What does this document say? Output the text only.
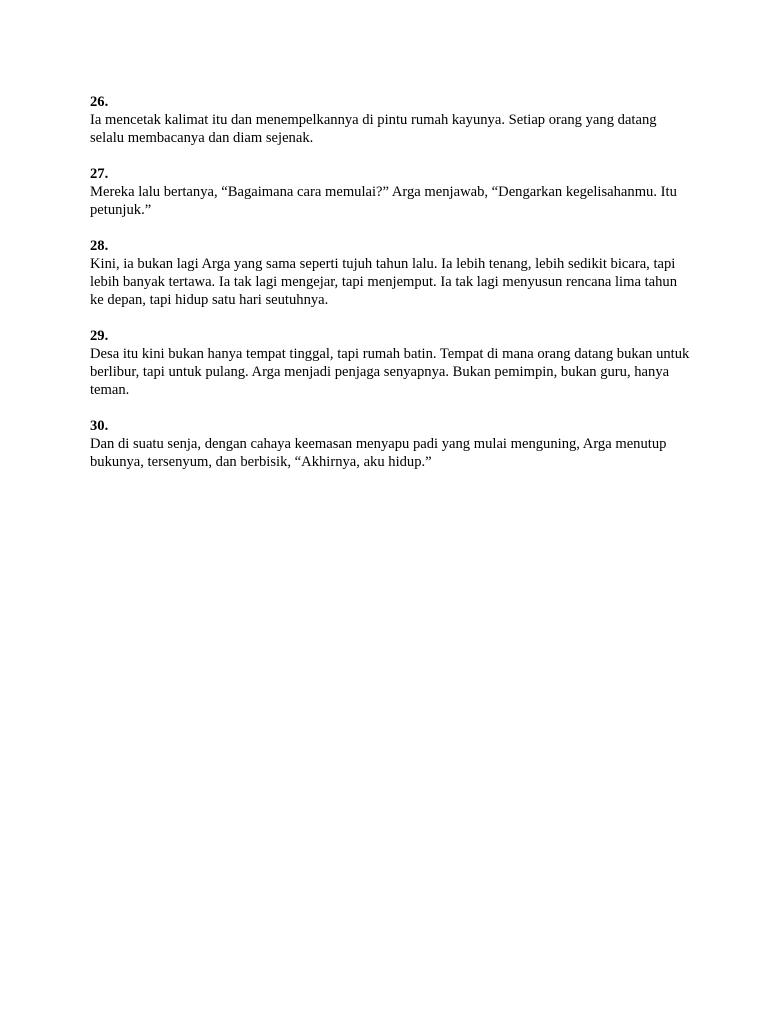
26.

Ia mencetak kalimat itu dan menempelkannya di pintu rumah kayunya. Setiap orang yang datang selalu membacanya dan diam sejenak.

27.

Mereka lalu bertanya, “Bagaimana cara memulai?” Arga menjawab, “Dengarkan kegelisahanmu. Itu petunjuk.”

28.

Kini, ia bukan lagi Arga yang sama seperti tujuh tahun lalu. Ia lebih tenang, lebih sedikit bicara, tapi lebih banyak tertawa. Ia tak lagi mengejar, tapi menjemput. Ia tak lagi menyusun rencana lima tahun ke depan, tapi hidup satu hari seutuhnya.

29.

Desa itu kini bukan hanya tempat tinggal, tapi rumah batin. Tempat di mana orang datang bukan untuk berlibur, tapi untuk pulang. Arga menjadi penjaga senyapnya. Bukan pemimpin, bukan guru, hanya teman.

30.

Dan di suatu senja, dengan cahaya keemasan menyapu padi yang mulai menguning, Arga menutup bukunya, tersenyum, dan berbisik, “Akhirnya, aku hidup.”
